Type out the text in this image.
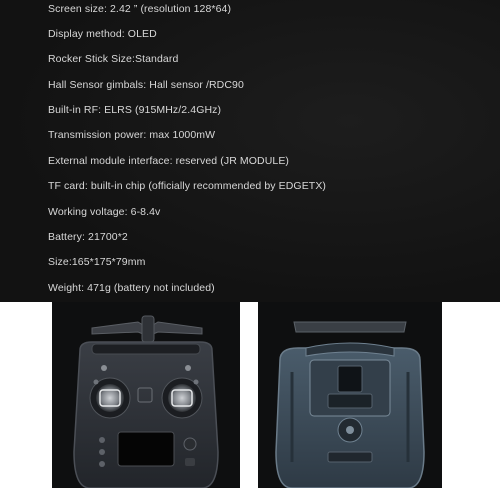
Screen size: 2.42 ” (resolution 128*64)
Display method: OLED
Rocker Stick Size:Standard
Hall Sensor gimbals: Hall sensor /RDC90
Built-in RF: ELRS (915MHz/2.4GHz)
Transmission power: max 1000mW
External module interface: reserved (JR MODULE)
TF card: built-in chip (officially recommended by EDGETX)
Working voltage: 6-8.4v
Battery: 21700*2
Size:165*175*79mm
Weight: 471g (battery not included)
